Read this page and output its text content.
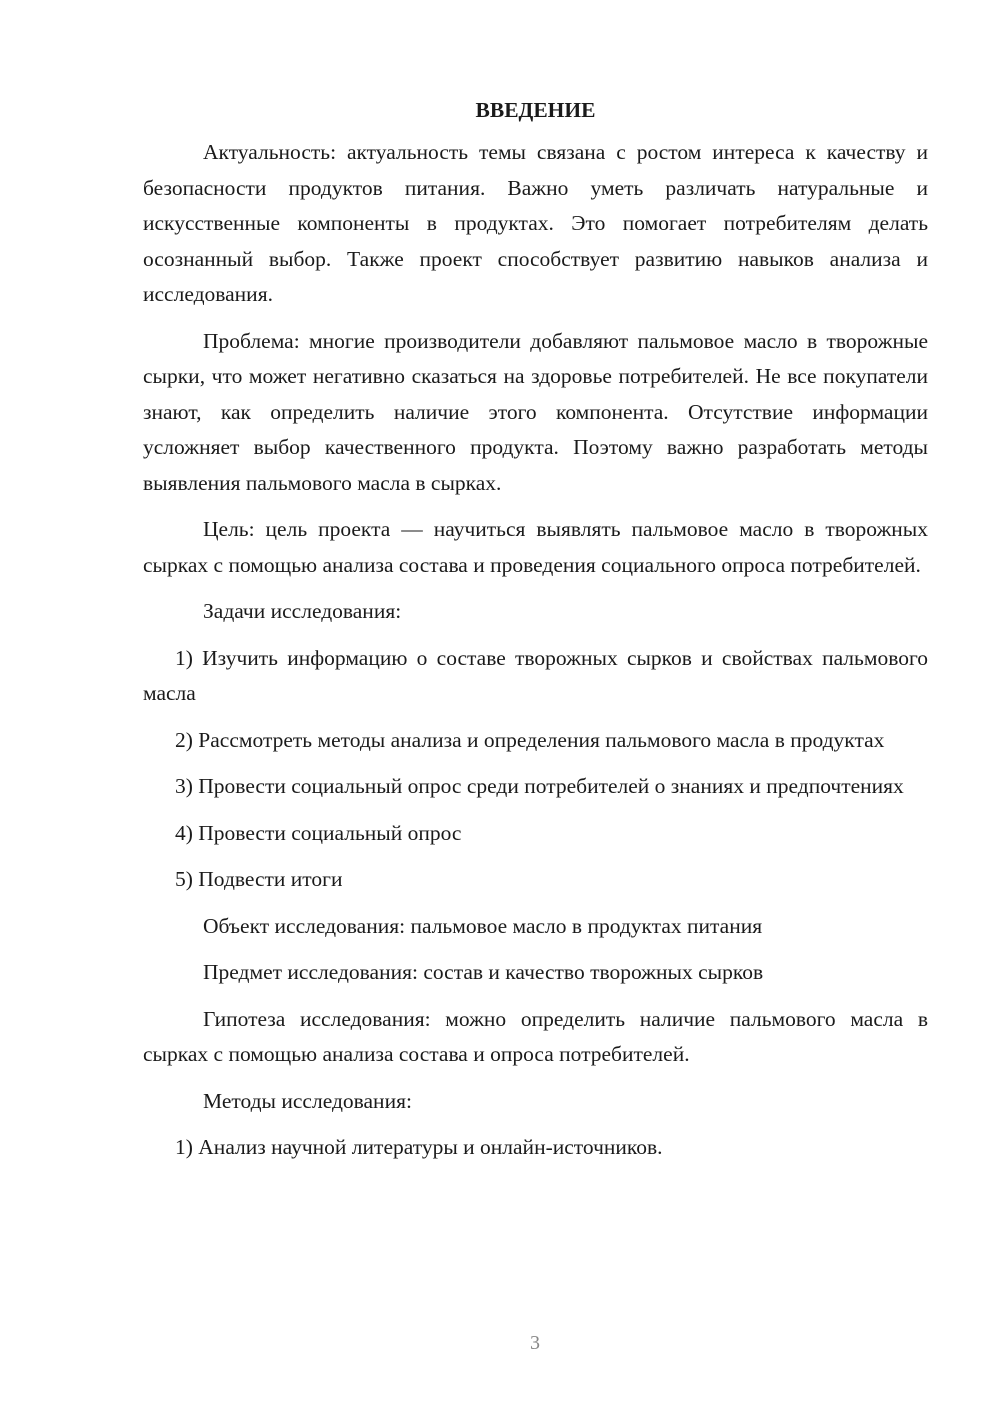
ВВЕДЕНИЕ

Актуальность: актуальность темы связана с ростом интереса к качеству и безопасности продуктов питания. Важно уметь различать натуральные и искусственные компоненты в продуктах. Это помогает потребителям делать осознанный выбор. Также проект способствует развитию навыков анализа и исследования.

Проблема: многие производители добавляют пальмовое масло в творожные сырки, что может негативно сказаться на здоровье потребителей. Не все покупатели знают, как определить наличие этого компонента. Отсутствие информации усложняет выбор качественного продукта. Поэтому важно разработать методы выявления пальмового масла в сырках.

Цель: цель проекта — научиться выявлять пальмовое масло в творожных сырках с помощью анализа состава и проведения социального опроса потребителей.

Задачи исследования:

1) Изучить информацию о составе творожных сырков и свойствах пальмового масла

2) Рассмотреть методы анализа и определения пальмового масла в продуктах

3) Провести социальный опрос среди потребителей о знаниях и предпочтениях

4) Провести социальный опрос

5) Подвести итоги

Объект исследования: пальмовое масло в продуктах питания

Предмет исследования: состав и качество творожных сырков

Гипотеза исследования: можно определить наличие пальмового масла в сырках с помощью анализа состава и опроса потребителей.

Методы исследования:

1) Анализ научной литературы и онлайн-источников.

3
